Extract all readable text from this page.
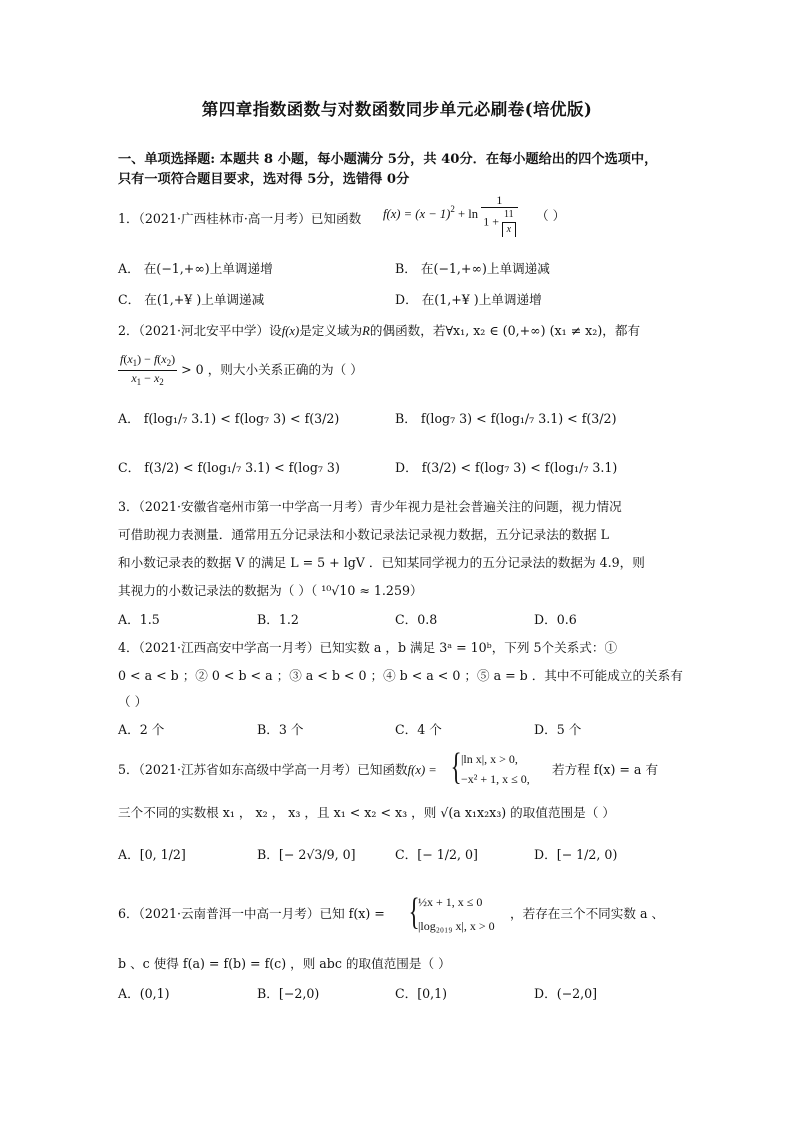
第四章指数函数与对数函数同步单元必刷卷(培优版)
一、单项选择题: 本题共 8 小题，每小题满分 5分，共 40分．在每小题给出的四个选项中，
只有一项符合题目要求，选对得 5分，选错得 0分
1．（2021·广西桂林市·高一月考）已知函数 $f(x) = (x - 1)^2 + \ln \frac{1}{1 + \frac{11}{x}}$ （ ）
A． 在(−1,+∞)上单调递增	B． 在(−1,+∞)上单调递减
C． 在(1,+¥ )上单调递减	D． 在(1,+¥ )上单调递增
2．（2021·河北安平中学）设f(x)是定义域为R的偶函数，若∀x₁, x₂ ∈ (0,+∞) (x₁ ≠ x₂)，都有
$\frac{f(x_1) - f(x_2)}{x_1 - x_2} > 0$ ，则大小关系正确的为（ ）
A． f(log₁/₇ 3.1) < f(log₇ 3) < f(3/2)	B． f(log₇ 3) < f(log₁/₇ 3.1) < f(3/2)
C． f(3/2) < f(log₁/₇ 3.1) < f(log₇ 3)	D． f(3/2) < f(log₇ 3) < f(log₁/₇ 3.1)
3．（2021·安徽省亳州市第一中学高一月考）青少年视力是社会普遍关注的问题，视力情况
可借助视力表测量．通常用五分记录法和小数记录法记录视力数据，五分记录法的数据 L
和小数记录表的数据 V 的满足 L = 5 + lgV ．已知某同学视力的五分记录法的数据为 4.9，则
其视力的小数记录法的数据为（ ）（ ¹⁰√10 ≈ 1.259）
A．1.5	B．1.2	C．0.8	D．0.6
4．（2021·江西高安中学高一月考）已知实数 a ，b 满足 3ᵃ = 10ᵇ，下列 5个关系式：①
0 < a < b ；② 0 < b < a ；③ a < b < 0 ；④ b < a < 0 ；⑤ a = b ．其中不可能成立的关系有
（ ）
A．2 个	B．3 个	C．4 个	D．5 个
5．（2021·江苏省如东高级中学高一月考）已知函数f(x) = { |ln x|, x > 0,
−x² + 1, x ≤ 0,
若方程 f(x) = a 有
三个不同的实数根 x₁ ， x₂ ， x₃ ，且 x₁ < x₂ < x₃ ，则 √(a x₁x₂x₃) 的取值范围是（ ）
A．[0, 1/2]	B．[− 2√3/9, 0]	C．[− 1/2, 0]	D．[− 1/2, 0)
6．（2021·云南普洱一中高一月考）已知 f(x) = {
½x + 1, x ≤ 0
|log₂₀₁₉ x|, x > 0
，若存在三个不同实数 a 、
b 、c 使得 f(a) = f(b) = f(c) ，则 abc 的取值范围是（ ）
A．(0,1)	B．[−2,0)	C．[0,1)	D．(−2,0]
